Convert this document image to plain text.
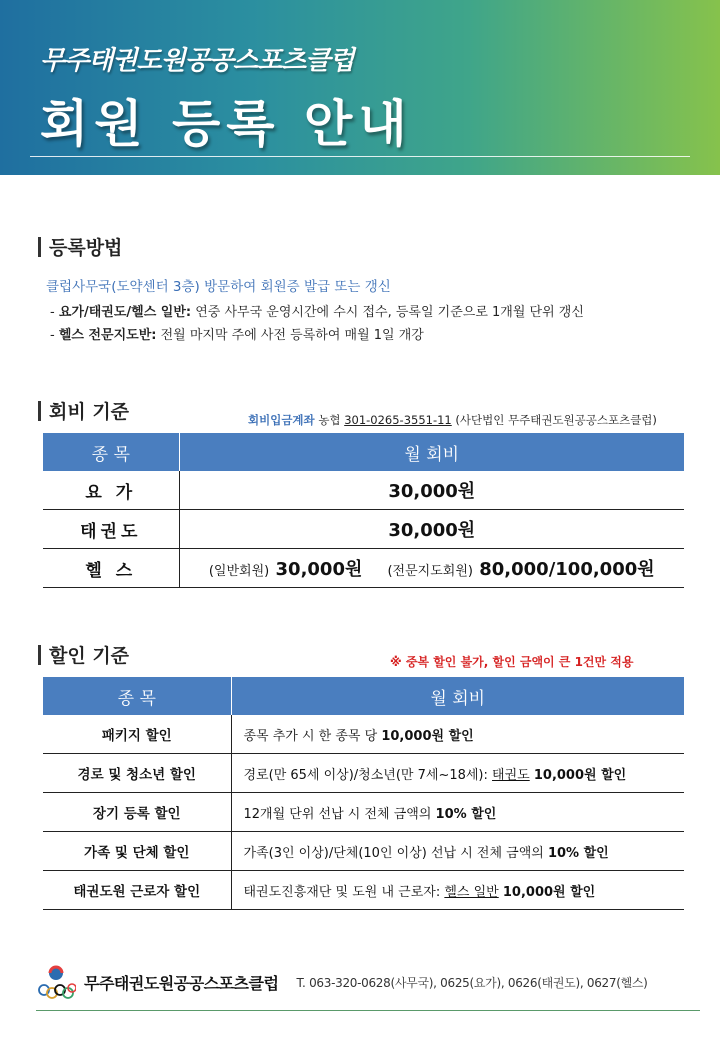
무주태권도원공공스포츠클럽
회원 등록 안내
등록방법
클럽사무국(도약센터 3층) 방문하여 회원증 발급 또는 갱신
- 요가/태권도/헬스 일반: 연중 사무국 운영시간에 수시 접수, 등록일 기준으로 1개월 단위 갱신
- 헬스 전문지도반: 전월 마지막 주에 사전 등록하여 매월 1일 개강
회비 기준	회비입금계좌 농협 301-0265-3551-11 (사단법인 무주태권도원공공스포츠클럽)
종 목	월 회비
요 가	30,000원
태권도	30,000원
헬 스	(일반회원) 30,000원 (전문지도회원) 80,000/100,000원
할인 기준	※ 중복 할인 불가, 할인 금액이 큰 1건만 적용
종 목	월 회비
패키지 할인	종목 추가 시 한 종목 당 10,000원 할인
경로 및 청소년 할인	경로(만 65세 이상)/청소년(만 7세~18세): 태권도 10,000원 할인
장기 등록 할인	12개월 단위 선납 시 전체 금액의 10% 할인
가족 및 단체 할인	가족(3인 이상)/단체(10인 이상) 선납 시 전체 금액의 10% 할인
태권도원 근로자 할인	태권도진흥재단 및 도원 내 근로자: 헬스 일반 10,000원 할인
무주태권도원공공스포츠클럽 T. 063-320-0628(사무국), 0625(요가), 0626(태권도), 0627(헬스)
